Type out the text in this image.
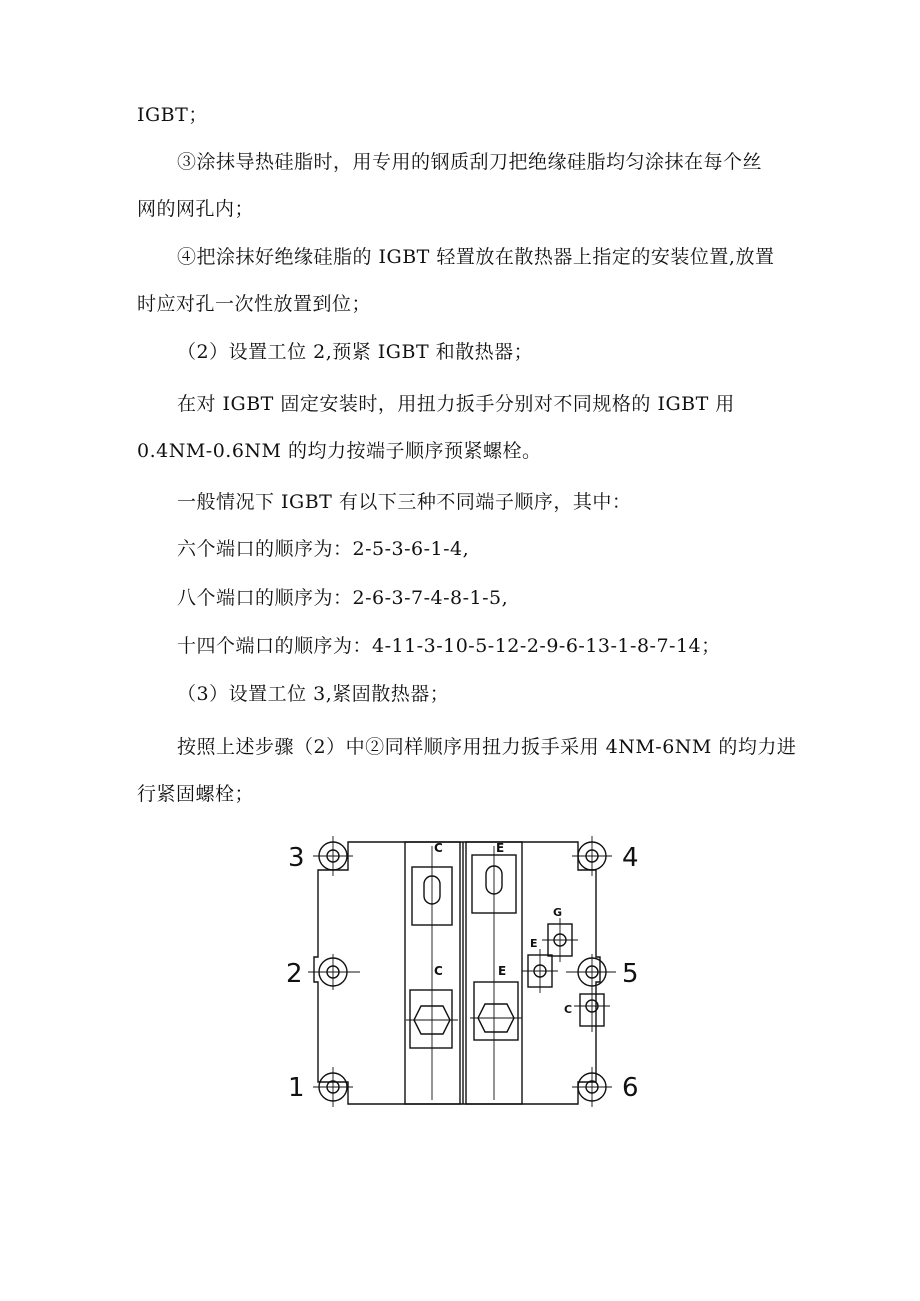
IGBT；
③涂抹导热硅脂时，用专用的钢质刮刀把绝缘硅脂均匀涂抹在每个丝
网的网孔内；
④把涂抹好绝缘硅脂的 IGBT 轻置放在散热器上指定的安装位置,放置
时应对孔一次性放置到位；
（2）设置工位 2,预紧 IGBT 和散热器；
在对 IGBT 固定安装时，用扭力扳手分别对不同规格的 IGBT 用
0.4NM-0.6NM 的均力按端子顺序预紧螺栓。
一般情况下 IGBT 有以下三种不同端子顺序，其中：
六个端口的顺序为：2-5-3-6-1-4,
八个端口的顺序为：2-6-3-7-4-8-1-5,
十四个端口的顺序为：4-11-3-10-5-12-2-9-6-13-1-8-7-14；
（3）设置工位 3,紧固散热器；
按照上述步骤（2）中②同样顺序用扭力扳手采用 4NM-6NM 的均力进
行紧固螺栓；
3
2
1
4
5
6
C	E
C	E
G
E
C
